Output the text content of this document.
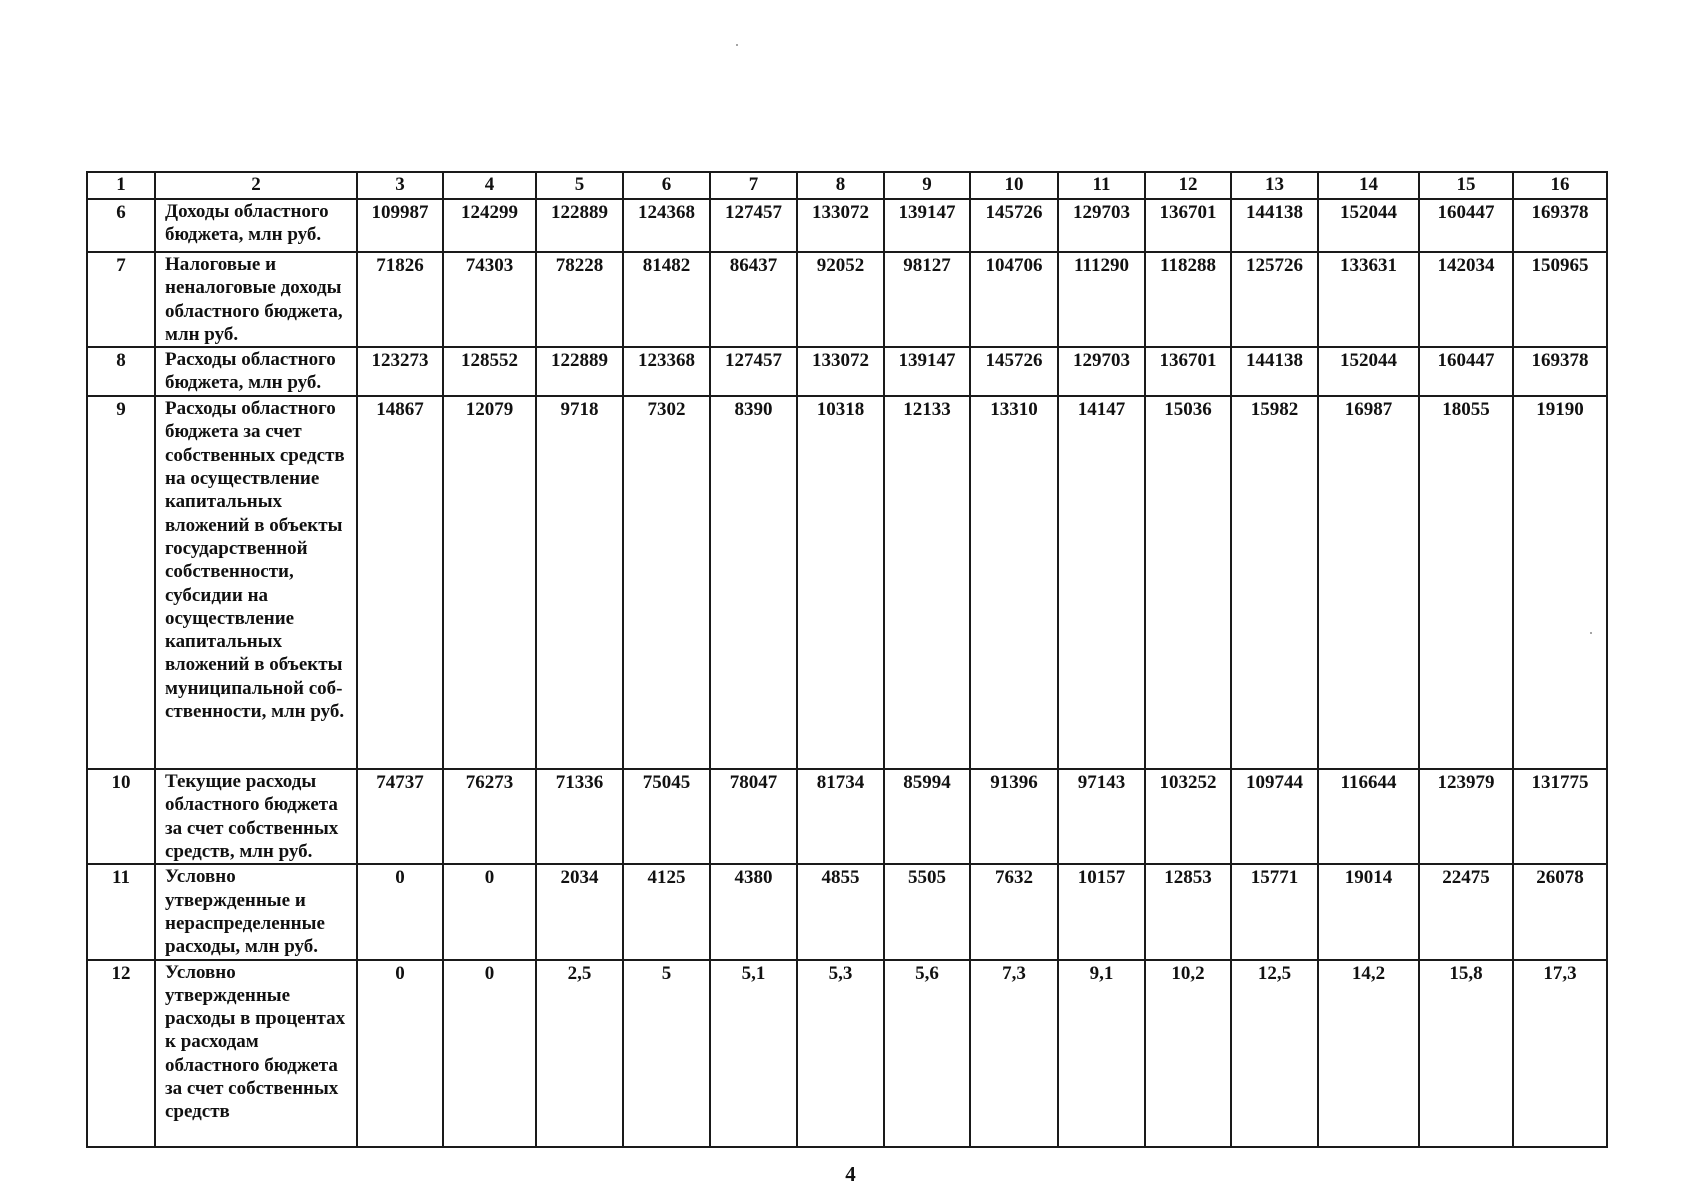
1	2	3	4	5	6	7	8	9	10	11	12	13	14	15	16
6	Доходы областного бюджета, млн руб.	109987	124299	122889	124368	127457	133072	139147	145726	129703	136701	144138	152044	160447	169378
7	Налоговые и неналоговые доходы областного бюджета, млн руб.	71826	74303	78228	81482	86437	92052	98127	104706	111290	118288	125726	133631	142034	150965
8	Расходы областного бюджета, млн руб.	123273	128552	122889	123368	127457	133072	139147	145726	129703	136701	144138	152044	160447	169378
9	Расходы областного бюджета за счет собственных средств на осуществление капитальных вложений в объекты государственной собственности, субсидии на осуществление капитальных вложений в объекты муниципальной собственности, млн руб.	14867	12079	9718	7302	8390	10318	12133	13310	14147	15036	15982	16987	18055	19190
10	Текущие расходы областного бюджета за счет собственных средств, млн руб.	74737	76273	71336	75045	78047	81734	85994	91396	97143	103252	109744	116644	123979	131775
11	Условно утвержденные и нераспределенные расходы, млн руб.	0	0	2034	4125	4380	4855	5505	7632	10157	12853	15771	19014	22475	26078
12	Условно утвержденные расходы в процентах к расходам областного бюджета за счет собственных средств	0	0	2,5	5	5,1	5,3	5,6	7,3	9,1	10,2	12,5	14,2	15,8	17,3
4
